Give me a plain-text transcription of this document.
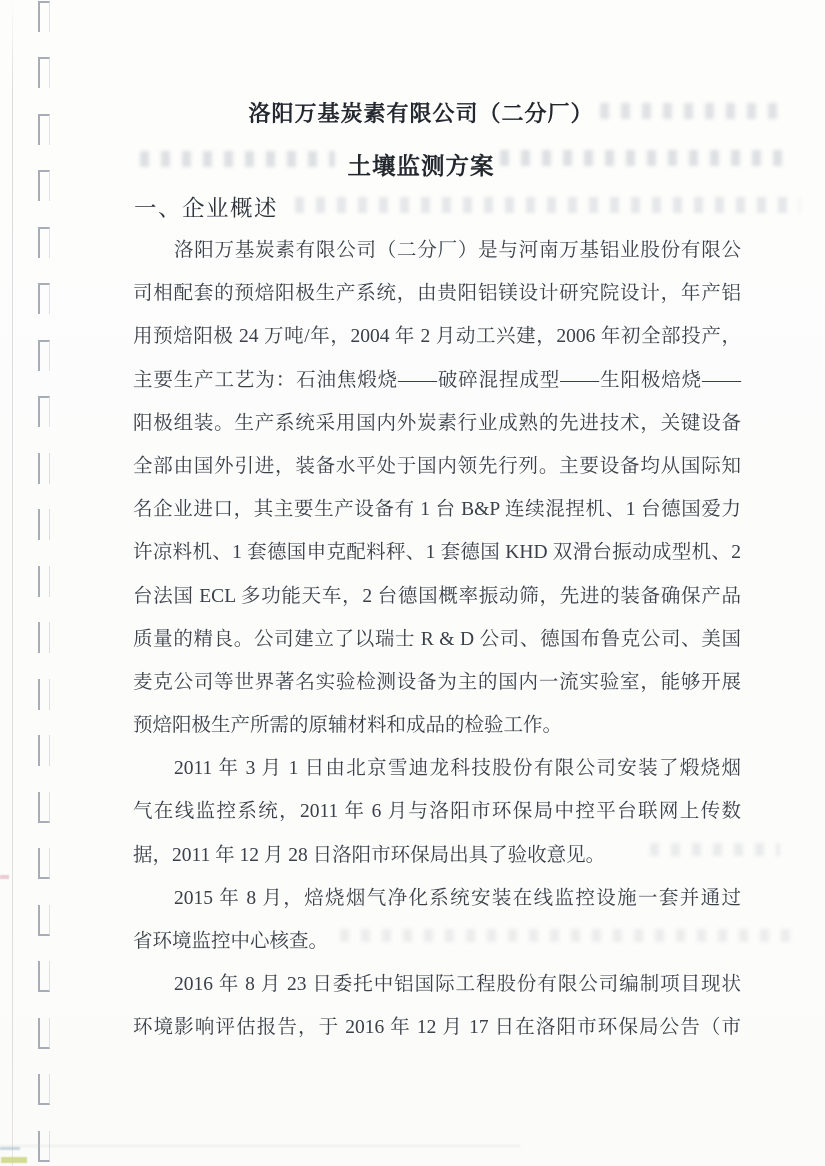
洛阳万基炭素有限公司（二分厂）
土壤监测方案
一、企业概述
洛阳万基炭素有限公司（二分厂）是与河南万基铝业股份有限公
司相配套的预焙阳极生产系统，由贵阳铝镁设计研究院设计，年产铝
用预焙阳极 24 万吨/年，2004 年 2 月动工兴建，2006 年初全部投产，
主要生产工艺为：石油焦煅烧——破碎混捏成型——生阳极焙烧——
阳极组装。生产系统采用国内外炭素行业成熟的先进技术，关键设备
全部由国外引进，装备水平处于国内领先行列。主要设备均从国际知
名企业进口，其主要生产设备有 1 台 B&P 连续混捏机、1 台德国爱力
许凉料机、1 套德国申克配料秤、1 套德国 KHD 双滑台振动成型机、2
台法国 ECL 多功能天车，2 台德国概率振动筛，先进的装备确保产品
质量的精良。公司建立了以瑞士 R & D 公司、德国布鲁克公司、美国
麦克公司等世界著名实验检测设备为主的国内一流实验室，能够开展
预焙阳极生产所需的原辅材料和成品的检验工作。
2011 年 3 月 1 日由北京雪迪龙科技股份有限公司安装了煅烧烟
气在线监控系统，2011 年 6 月与洛阳市环保局中控平台联网上传数
据，2011 年 12 月 28 日洛阳市环保局出具了验收意见。
2015 年 8 月，焙烧烟气净化系统安装在线监控设施一套并通过
省环境监控中心核查。
2016 年 8 月 23 日委托中铝国际工程股份有限公司编制项目现状
环境影响评估报告，于 2016 年 12 月 17 日在洛阳市环保局公告（市
